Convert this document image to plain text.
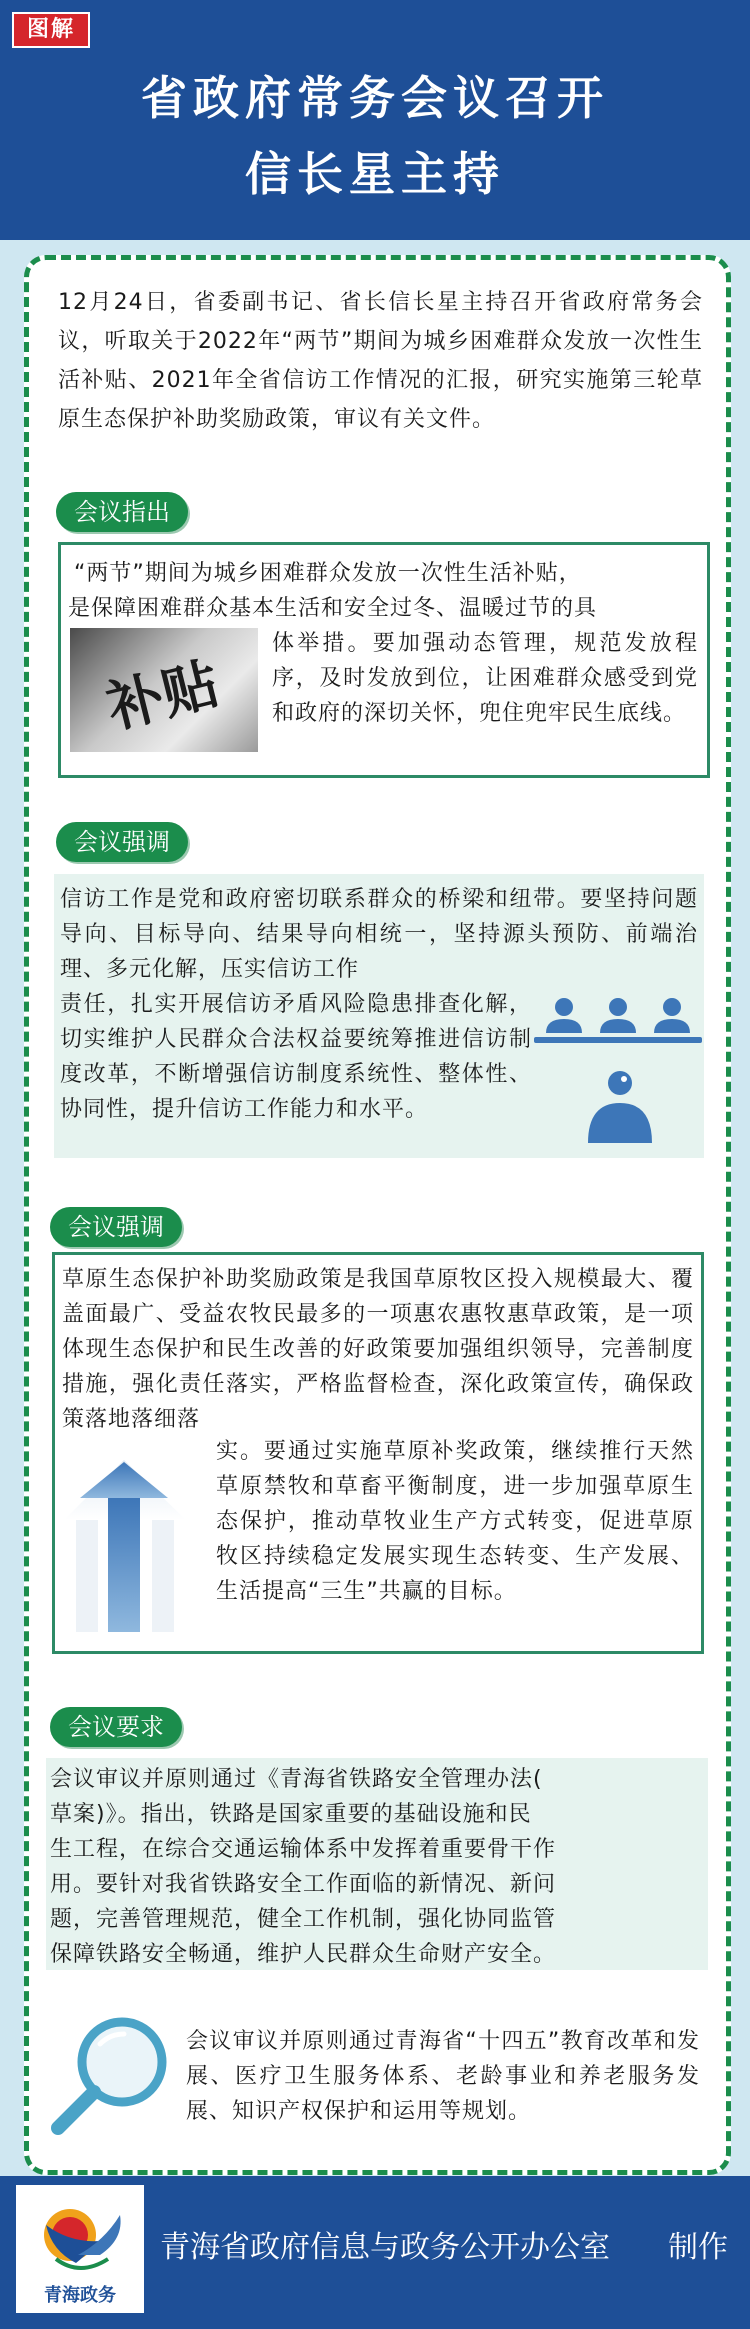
图解
省政府常务会议召开
信长星主持
12月24日，省委副书记、省长信长星主持召开省政府常务会议，听取关于2022年“两节”期间为城乡困难群众发放一次性生活补贴、2021年全省信访工作情况的汇报，研究实施第三轮草原生态保护补助奖励政策，审议有关文件。
会议指出
“两节”期间为城乡困难群众发放一次性生活补贴，
是保障困难群众基本生活和安全过冬、温暖过节的具
补贴
体举措。要加强动态管理，规范发放程序，及时发放到位，让困难群众感受到党和政府的深切关怀，兜住兜牢民生底线。
会议强调
信访工作是党和政府密切联系群众的桥梁和纽带。要坚持问题导向、目标导向、结果导向相统一，坚持源头预防、前端治理、多元化解，压实信访工作
责任，扎实开展信访矛盾风险隐患排查化解，切实维护人民群众合法权益要统筹推进信访制度改革，不断增强信访制度系统性、整体性、协同性，提升信访工作能力和水平。
会议强调
草原生态保护补助奖励政策是我国草原牧区投入规模最大、覆盖面最广、受益农牧民最多的一项惠农惠牧惠草政策，是一项体现生态保护和民生改善的好政策要加强组织领导，完善制度措施，强化责任落实，严格监督检查，深化政策宣传，确保政策落地落细落
实。要通过实施草原补奖政策，继续推行天然草原禁牧和草畜平衡制度，进一步加强草原生态保护，推动草牧业生产方式转变，促进草原牧区持续稳定发展实现生态转变、生产发展、生活提高“三生”共赢的目标。
会议要求
会议审议并原则通过《青海省铁路安全管理办法(
草案)》。指出，铁路是国家重要的基础设施和民
生工程，在综合交通运输体系中发挥着重要骨干作
用。要针对我省铁路安全工作面临的新情况、新问
题，完善管理规范，健全工作机制，强化协同监管
保障铁路安全畅通，维护人民群众生命财产安全。
会议审议并原则通过青海省“十四五”教育改革和发展、医疗卫生服务体系、老龄事业和养老服务发展、知识产权保护和运用等规划。
青海政务
青海省政府信息与政务公开办公室 制作
